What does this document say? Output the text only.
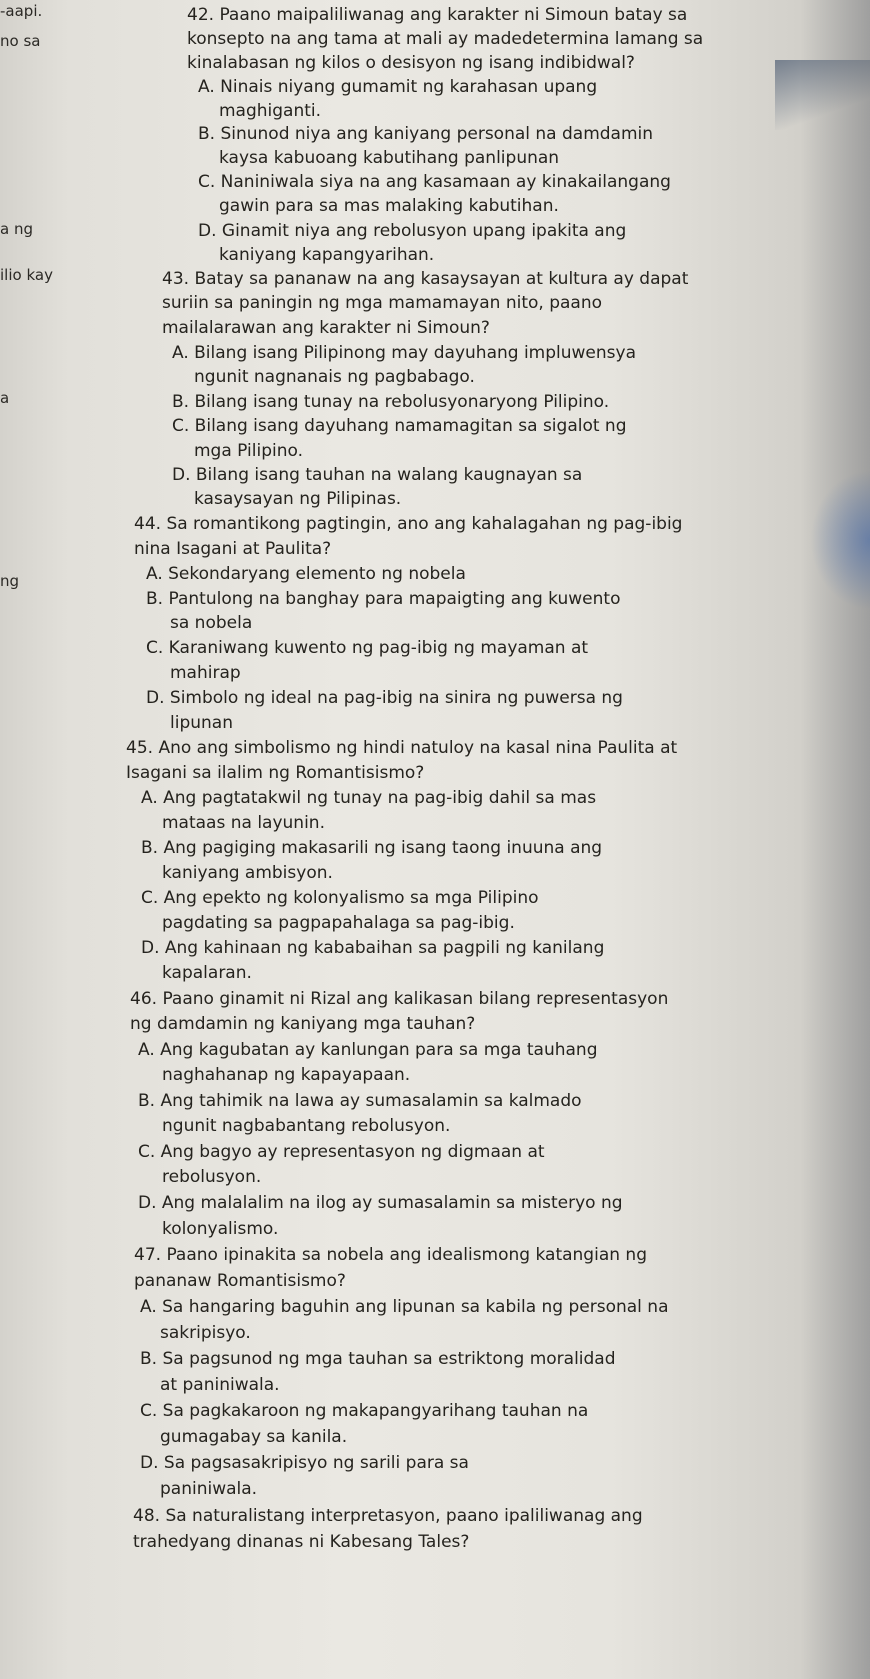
-aapi.
no sa
a ng
ilio kay
a
ng
42. Paano maipaliliwanag ang karakter ni Simoun batay sa
konsepto na ang tama at mali ay madedetermina lamang sa
kinalabasan ng kilos o desisyon ng isang indibidwal?
A. Ninais niyang gumamit ng karahasan upang
maghiganti.
B. Sinunod niya ang kaniyang personal na damdamin
kaysa kabuoang kabutihang panlipunan
C. Naniniwala siya na ang kasamaan ay kinakailangang
gawin para sa mas malaking kabutihan.
D. Ginamit niya ang rebolusyon upang ipakita ang
kaniyang kapangyarihan.
43. Batay sa pananaw na ang kasaysayan at kultura ay dapat
suriin sa paningin ng mga mamamayan nito, paano
mailalarawan ang karakter ni Simoun?
A. Bilang isang Pilipinong may dayuhang impluwensya
ngunit nagnanais ng pagbabago.
B. Bilang isang tunay na rebolusyonaryong Pilipino.
C. Bilang isang dayuhang namamagitan sa sigalot ng
mga Pilipino.
D. Bilang isang tauhan na walang kaugnayan sa
kasaysayan ng Pilipinas.
44. Sa romantikong pagtingin, ano ang kahalagahan ng pag-ibig
nina Isagani at Paulita?
A. Sekondaryang elemento ng nobela
B. Pantulong na banghay para mapaigting ang kuwento
sa nobela
C. Karaniwang kuwento ng pag-ibig ng mayaman at
mahirap
D. Simbolo ng ideal na pag-ibig na sinira ng puwersa ng
lipunan
45. Ano ang simbolismo ng hindi natuloy na kasal nina Paulita at
Isagani sa ilalim ng Romantisismo?
A. Ang pagtatakwil ng tunay na pag-ibig dahil sa mas
mataas na layunin.
B. Ang pagiging makasarili ng isang taong inuuna ang
kaniyang ambisyon.
C. Ang epekto ng kolonyalismo sa mga Pilipino
pagdating sa pagpapahalaga sa pag-ibig.
D. Ang kahinaan ng kababaihan sa pagpili ng kanilang
kapalaran.
46. Paano ginamit ni Rizal ang kalikasan bilang representasyon
ng damdamin ng kaniyang mga tauhan?
A. Ang kagubatan ay kanlungan para sa mga tauhang
naghahanap ng kapayapaan.
B. Ang tahimik na lawa ay sumasalamin sa kalmado
ngunit nagbabantang rebolusyon.
C. Ang bagyo ay representasyon ng digmaan at
rebolusyon.
D. Ang malalalim na ilog ay sumasalamin sa misteryo ng
kolonyalismo.
47. Paano ipinakita sa nobela ang idealismong katangian ng
pananaw Romantisismo?
A. Sa hangaring baguhin ang lipunan sa kabila ng personal na
sakripisyo.
B. Sa pagsunod ng mga tauhan sa estriktong moralidad
at paniniwala.
C. Sa pagkakaroon ng makapangyarihang tauhan na
gumagabay sa kanila.
D. Sa pagsasakripisyo ng sarili para sa
paniniwala.
48. Sa naturalistang interpretasyon, paano ipaliliwanag ang
trahedyang dinanas ni Kabesang Tales?
